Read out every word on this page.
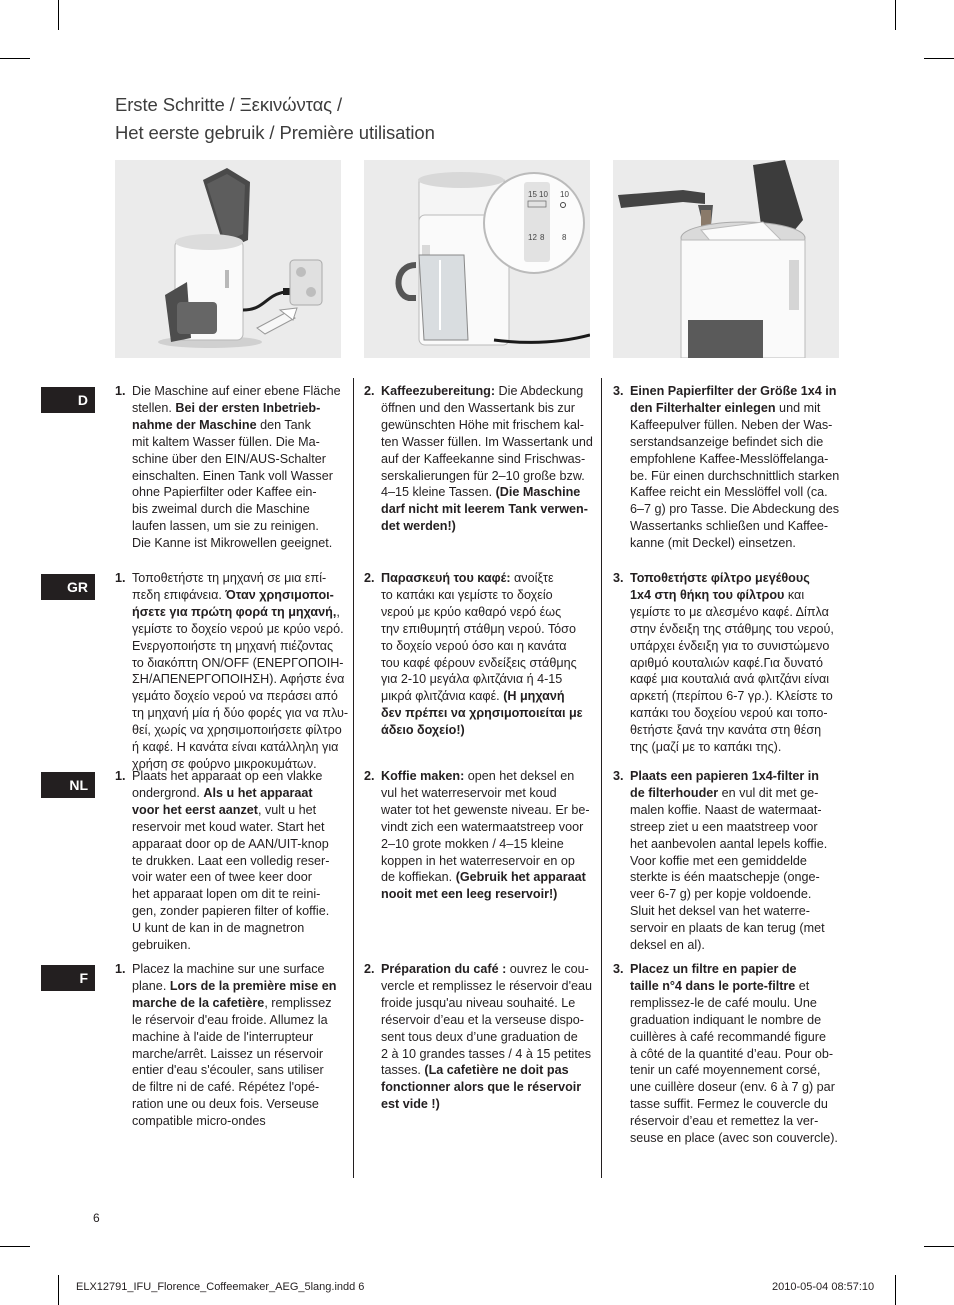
Erste Schritte / Ξεκινώντας /
Het eerste gebruik / Première utilisation
15 10 10
12 8 8
D
GR
NL
F
1. Die Maschine auf einer ebene Fläche
stellen. Bei der ersten Inbetrieb-
nahme der Maschine den Tank
mit kaltem Wasser füllen. Die Ma-
schine über den EIN/AUS-Schalter
einschalten. Einen Tank voll Wasser
ohne Papierfilter oder Kaffee ein-
bis zweimal durch die Maschine
laufen lassen, um sie zu reinigen.
Die Kanne ist Mikrowellen geeignet.
2. Kaffeezubereitung: Die Abdeckung
öffnen und den Wassertank bis zur
gewünschten Höhe mit frischem kal-
ten Wasser füllen. Im Wassertank und
auf der Kaffeekanne sind Frischwas-
serskalierungen für 2–10 große bzw.
4–15 kleine Tassen. (Die Maschine
darf nicht mit leerem Tank verwen-
det werden!)
3. Einen Papierfilter der Größe 1x4 in
den Filterhalter einlegen und mit
Kaffeepulver füllen. Neben der Was-
serstandsanzeige befindet sich die
empfohlene Kaffee-Messlöffelanga-
be. Für einen durchschnittlich starken
Kaffee reicht ein Messlöffel voll (ca.
6–7 g) pro Tasse. Die Abdeckung des
Wassertanks schließen und Kaffee-
kanne (mit Deckel) einsetzen.
1. Τοποθετήστε τη μηχανή σε μια επί-
πεδη επιφάνεια. Όταν χρησιμοποι-
ήσετε για πρώτη φορά τη μηχανή,,
γεμίστε το δοχείο νερού με κρύο νερό.
Ενεργοποιήστε τη μηχανή πιέζοντας
το διακόπτη ON/OFF (ΕΝΕΡΓΟΠΟΙΗ-
ΣΗ/ΑΠΕΝΕΡΓΟΠΟΙΗΣΗ). Αφήστε ένα
γεμάτο δοχείο νερού να περάσει από
τη μηχανή μία ή δύο φορές για να πλυ-
θεί, χωρίς να χρησιμοποιήσετε φίλτρο
ή καφέ. Η κανάτα είναι κατάλληλη για
χρήση σε φούρνο μικροκυμάτων.
2. Παρασκευή του καφέ: ανοίξτε
το καπάκι και γεμίστε το δοχείο
νερού με κρύο καθαρό νερό έως
την επιθυμητή στάθμη νερού. Τόσο
το δοχείο νερού όσο και η κανάτα
του καφέ φέρουν ενδείξεις στάθμης
για 2-10 μεγάλα φλιτζάνια ή 4-15
μικρά φλιτζάνια καφέ. (Η μηχανή
δεν πρέπει να χρησιμοποιείται με
άδειο δοχείο!)
3. Τοποθετήστε φίλτρο μεγέθους
1x4 στη θήκη του φίλτρου και
γεμίστε το με αλεσμένο καφέ. Δίπλα
στην ένδειξη της στάθμης του νερού,
υπάρχει ένδειξη για το συνιστώμενο
αριθμό κουταλιών καφέ.Για δυνατό
καφέ μια κουταλιά ανά φλιτζάνι είναι
αρκετή (περίπου 6-7 γρ.). Κλείστε το
καπάκι του δοχείου νερού και τοπο-
θετήστε ξανά την κανάτα στη θέση
της (μαζί με το καπάκι της).
1. Plaats het apparaat op een vlakke
ondergrond. Als u het apparaat
voor het eerst aanzet, vult u het
reservoir met koud water. Start het
apparaat door op de AAN/UIT-knop
te drukken. Laat een volledig reser-
voir water een of twee keer door
het apparaat lopen om dit te reini-
gen, zonder papieren filter of koffie.
U kunt de kan in de magnetron
gebruiken.
2. Koffie maken: open het deksel en
vul het waterreservoir met koud
water tot het gewenste niveau. Er be-
vindt zich een watermaatstreep voor
2–10 grote mokken / 4–15 kleine
koppen in het waterreservoir en op
de koffiekan. (Gebruik het apparaat
nooit met een leeg reservoir!)
3. Plaats een papieren 1x4-filter in
de filterhouder en vul dit met ge-
malen koffie. Naast de watermaat-
streep ziet u een maatstreep voor
het aanbevolen aantal lepels koffie.
Voor koffie met een gemiddelde
sterkte is één maatschepje (onge-
veer 6-7 g) per kopje voldoende.
Sluit het deksel van het waterre-
servoir en plaats de kan terug (met
deksel en al).
1. Placez la machine sur une surface
plane. Lors de la première mise en
marche de la cafetière, remplissez
le réservoir d'eau froide. Allumez la
machine à l'aide de l'interrupteur
marche/arrêt. Laissez un réservoir
entier d'eau s'écouler, sans utiliser
de filtre ni de café. Répétez l'opé-
ration une ou deux fois. Verseuse
compatible micro-ondes
2. Préparation du café : ouvrez le cou-
vercle et remplissez le réservoir d'eau
froide jusqu'au niveau souhaité. Le
réservoir d’eau et la verseuse dispo-
sent tous deux d’une graduation de
2 à 10 grandes tasses / 4 à 15 petites
tasses. (La cafetière ne doit pas
fonctionner alors que le réservoir
est vide !)
3. Placez un filtre en papier de
taille n°4 dans le porte-filtre et
remplissez-le de café moulu. Une
graduation indiquant le nombre de
cuillères à café recommandé figure
à côté de la quantité d’eau. Pour ob-
tenir un café moyennement corsé,
une cuillère doseur (env. 6 à 7 g) par
tasse suffit. Fermez le couvercle du
réservoir d’eau et remettez la ver-
seuse en place (avec son couvercle).
6
ELX12791_IFU_Florence_Coffeemaker_AEG_5lang.indd 6	2010-05-04 08:57:10
